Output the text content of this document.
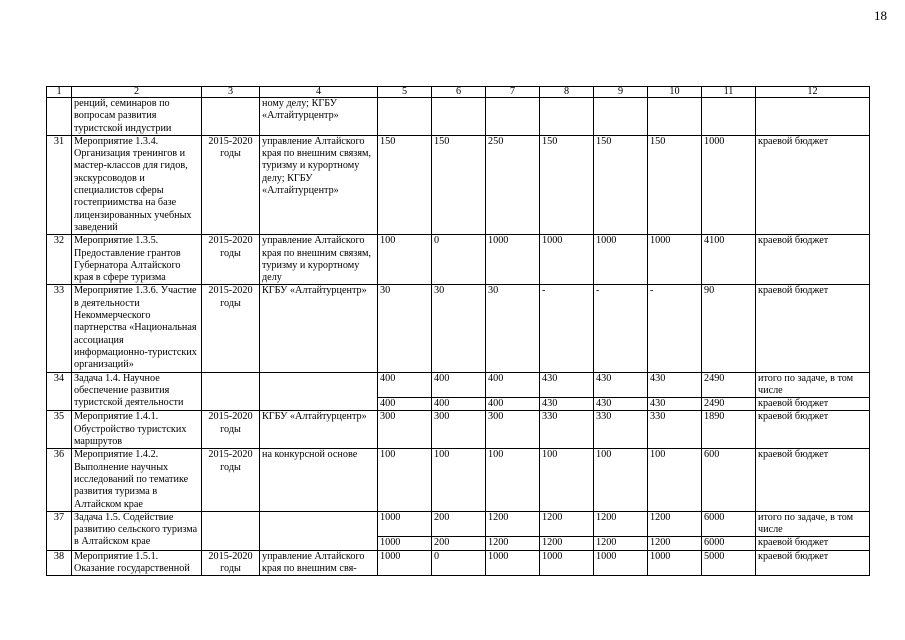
18
1	2	3	4	5	6	7	8	9	10	11	12
	ренций, семинаров по вопросам развития туристской индустрии		ному делу; КГБУ «Алтайтурцентр»								
31	Мероприятие 1.3.4. Организация тренингов и мастер-классов для гидов, экскурсоводов и специалистов сферы гостеприимства на базе лицензированных учебных заведений	2015-2020 годы	управление Алтайского края по внешним связям, туризму и курортному делу; КГБУ «Алтайтурцентр»	150	150	250	150	150	150	1000	краевой бюджет
32	Мероприятие 1.3.5. Предоставление грантов Губернатора Алтайского края в сфере туризма	2015-2020 годы	управление Алтайского края по внешним связям, туризму и курортному делу	100	0	1000	1000	1000	1000	4100	краевой бюджет
33	Мероприятие 1.3.6. Участие в деятельности Некоммерческого партнерства «Национальная ассоциация информационно-туристских организаций»	2015-2020 годы	КГБУ «Алтайтурцентр»	30	30	30	-	-	-	90	краевой бюджет
34	Задача 1.4. Научное обеспечение развития туристской деятельности			400	400	400	430	430	430	2490	итого по задаче, в том числе
				400	400	400	430	430	430	2490	краевой бюджет
35	Мероприятие 1.4.1. Обустройство туристских маршрутов	2015-2020 годы	КГБУ «Алтайтурцентр»	300	300	300	330	330	330	1890	краевой бюджет
36	Мероприятие 1.4.2. Выполнение научных исследований по тематике развития туризма в Алтайском крае	2015-2020 годы	на конкурсной основе	100	100	100	100	100	100	600	краевой бюджет
37	Задача 1.5. Содействие развитию сельского туризма в Алтайском крае			1000	200	1200	1200	1200	1200	6000	итого по задаче, в том числе
				1000	200	1200	1200	1200	1200	6000	краевой бюджет
38	Мероприятие 1.5.1. Оказание государственной	2015-2020 годы	управление Алтайского края по внешним свя-	1000	0	1000	1000	1000	1000	5000	краевой бюджет
